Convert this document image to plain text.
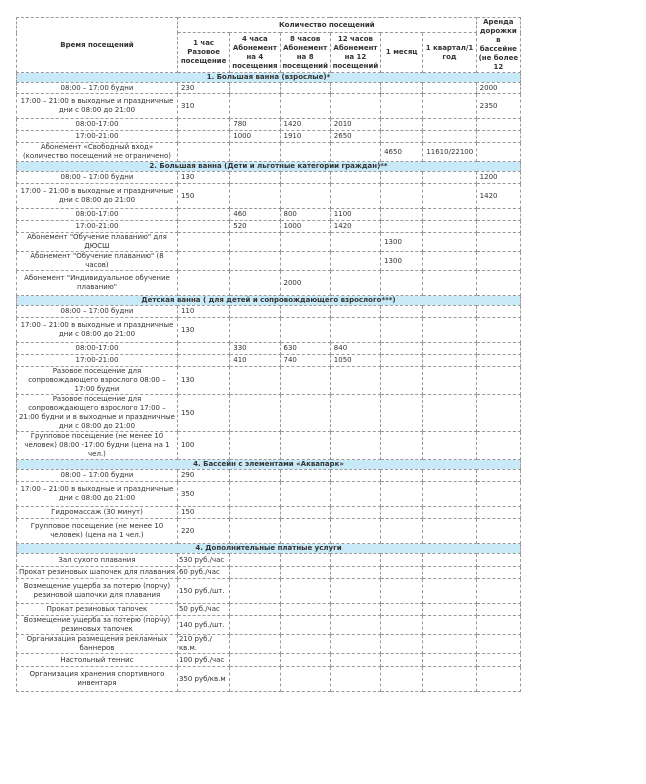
Время посещений	Количество посещений						Аренда дорожки в бассейне (не более 12
	1 час Разовое посещение	4 часа Абонемент на 4 посещения	8 часов Абонемент на 8 посещений	12 часов Абонемент на 12 посещений	1 месяц	1 квартал/1 год	
1. Большая ванна (взрослые)*							
08:00 – 17:00 будни	230						2000
17:00 – 21:00 в выходные и праздничные дни с 08:00 до 21:00	310						2350
08:00-17:00		780	1420	2010			
17:00-21:00		1000	1910	2650			
Абонемент «Свободный вход» (количество посещений не ограничено)					4650	11610/22100	
2. Большая ванна (Дети и льготные категории граждан)**							
08:00 – 17:00 будни	130						1200
17:00 – 21:00 в выходные и праздничные дни с 08:00 до 21:00	150						1420
08:00-17:00		460	800	1100			
17:00-21:00		520	1000	1420			
Абонемент "Обучение плаванию" для ДЮСШ					1300		
Абонемент "Обучение плаванию" (8 часов)					1300		
Абонемент "Индивидуальное обучение плаванию"			2000				
Детская ванна ( для детей и сопровождающего взрослого***)							
08:00 – 17:00 будни	110						
17:00 – 21:00 в выходные и праздничные дни с 08:00 до 21:00	130						
08:00-17:00		330	630	840			
17:00-21:00		410	740	1050			
Разовое посещение для сопровождающего взрослого 08:00 – 17:00 будни	130						
Разовое посещение для сопровождающего взрослого 17:00 – 21:00 будни и в выходные и праздничные дни с 08:00 до 21:00	150						
Групповое посещение (не менее 10 человек) 08:00 -17:00 будни (цена на 1 чел.)	100						
4. Бассейн с элементами «Аквапарк»							
08:00 – 17:00 будни	290						
17:00 – 21:00 в выходные и праздничные дни с 08:00 до 21:00	350						
Гидромассаж (30 минут)	150						
Групповое посещение (не менее 10 человек) (цена на 1 чел.)	220						
4. Дополнительные платные услуги							
Зал сухого плавания	530 руб./час						
Прокат резиновых шапочек для плавания	60 руб./час						
Возмещение ущерба за потерю (порчу) резиновой шапочки для плавания	150 руб./шт.						
Прокат резиновых тапочек	50 руб./час						
Возмещение ущерба за потерю (порчу) резиновых тапочек	140 руб./шт.						
Организация размещения рекламных баннеров	210 руб./кв.м.						
Настольный теннис	100 руб./час						
Организация хранения спортивного инвентаря	350 руб/кв.м						
